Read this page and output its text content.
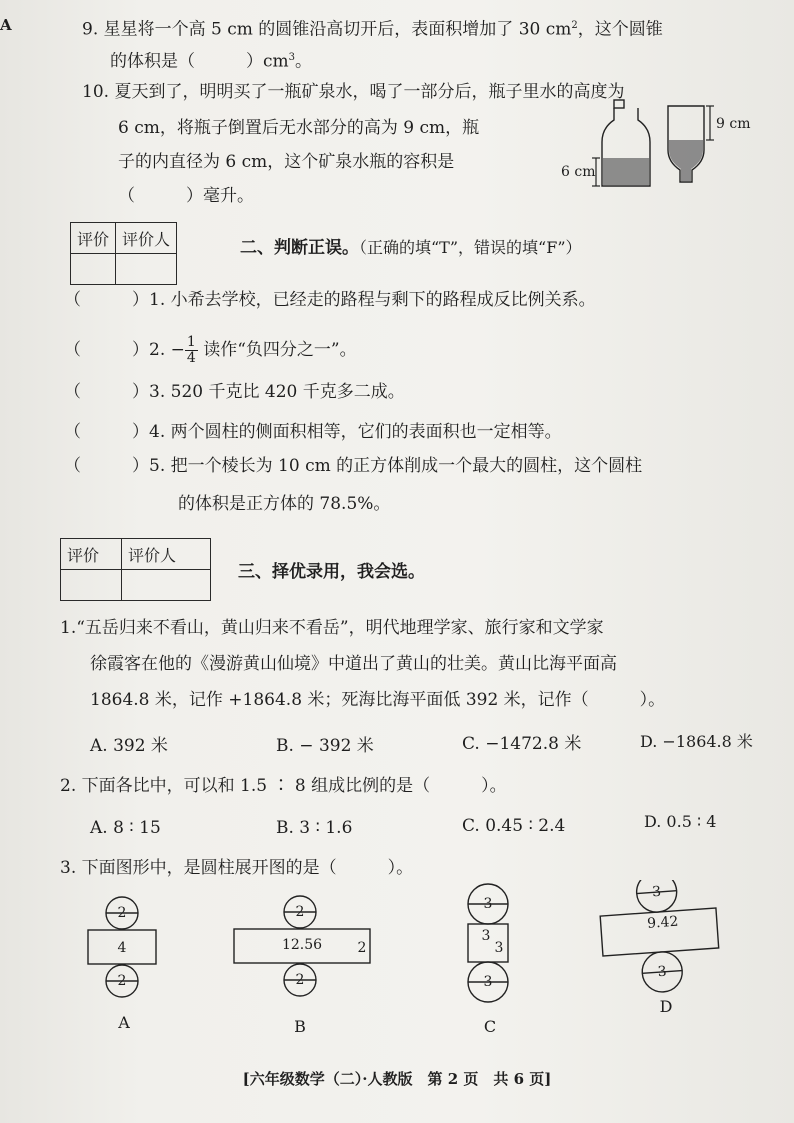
A	9. 星星将一个高 5 cm 的圆锥沿高切开后，表面积增加了 30 $cm^2$，这个圆锥
的体积是（　　　	）$cm^3$。
10. 夏天到了，明明买了一瓶矿泉水，喝了一部分后，瓶子里水的高度为
6 cm，将瓶子倒置后无水部分的高为 9 cm，瓶
子的内直径为 6 cm，这个矿泉水瓶的容积是
（　　　）毫升。
6 cm
9 cm
评价	评价人
		二、判断正误。（正确的填“T”，错误的填“F”）
（　　　）1. 小希去学校，已经走的路程与剩下的路程成反比例关系。
（　　　）2. − $\frac{1}{4}$ 读作“负四分之一”。
（　　　）3. 520 千克比 420 千克多二成。
（　　　）4. 两个圆柱的侧面积相等，它们的表面积也一定相等。
（　　　）5. 把一个棱长为 10 cm 的正方体削成一个最大的圆柱，这个圆柱
的体积是正方体的 78.5%。
评价	评价人

三、择优录用，我会选。
1.“五岳归来不看山，黄山归来不看岳”，明代地理学家、旅行家和文学家
徐霞客在他的《漫游黄山仙境》中道出了黄山的壮美。黄山比海平面高
1864.8 米，记作 +1864.8 米；死海比海平面低 392 米，记作（　　　）。
A. 392 米	B. − 392 米	C. −1472.8 米	D. −1864.8 米
2. 下面各比中，可以和 1.5 ∶ 8 组成比例的是（　　　）。
A. 8 ∶ 15	B. 3 ∶ 1.6	C. 0.45 ∶ 2.4	D. 0.5 ∶ 4
3. 下面图形中，是圆柱展开图的是（　　　）。
2
4
2
A
2
12.56	2
2
B
3
3
3
3
C
3
9.42
3
D
[六年级数学（二）·人教版　第 2 页　共 6 页]
